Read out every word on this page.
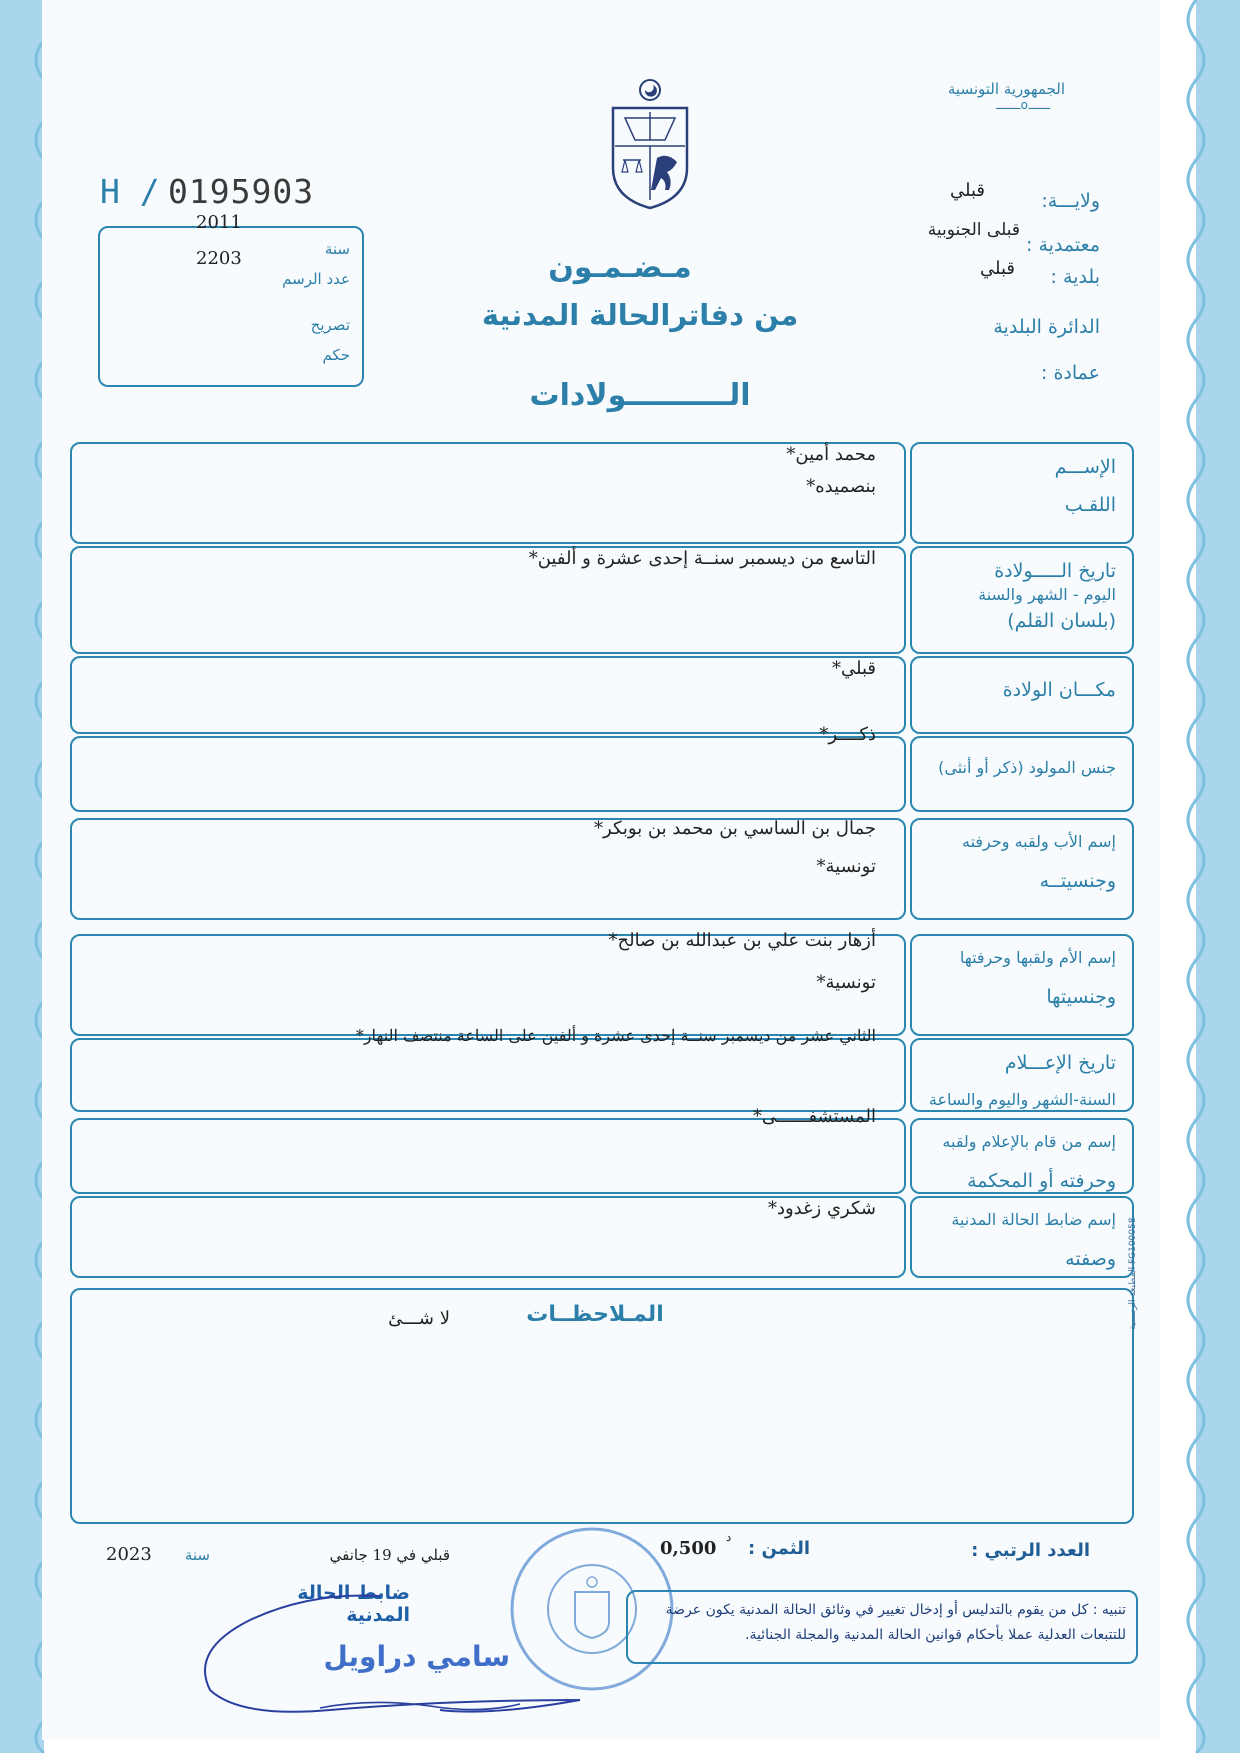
الجمهورية التونسية
ـــــــoــــــ
ولايـــة:
قبلي
معتمدية :
قبلى الجنوبية
بلدية :
قبلي
الدائرة البلدية
عمادة :
H / 0195903
2011
2203	سنة
عدد الرسم
تصريح
حكم
مـضـمـون
من دفاترالحالة المدنية
الــــــــــولادات
الإســـم
اللقـب
محمد أمين*
بنصميده*
تاريخ الـــــولادة
اليوم - الشهر والسنة
(بلسان القلم)
التاسع من ديسمبر سنــة إحدى عشرة و ألفين*
مكـــان الولادة
قبلي*
جنس المولود (ذكر أو أنثى)
ذكــــر*
إسم الأب ولقبه وحرفته
وجنسيتــه
جمال بن الساسي بن محمد بن بوبكر*
تونسية*
إسم الأم ولقبها وحرفتها
وجنسيتها
أزهار بنت علي بن عبدالله بن صالح*
تونسية*
تاريخ الإعـــلام
السنة-الشهر واليوم والساعة
الثاني عشر من ديسمبر سنــة إحدى عشرة و ألفين على الساعة منتصف النهار*
إسم من قام بالإعلام ولقبه
وحرفته أو المحكمة
المستشفــــــى*
إسم ضابط الحالة المدنية
وصفته
شكري زغدود*
المـلاحظــات
لا شـــئ
العدد الرتبي :
الثمن :
0,500
د
قبلي في 19 جانفي
سنة
2023
ضابط الحالة المدنية
سامي دراويل
تنبيه : كل من يقوم بالتدليس أو إدخال تغيير في وثائق الحالة المدنية يكون عرضة للتتبعات العدلية عملا بأحكام قوانين الحالة المدنية والمجلة الجنائية.
المطبعة الرسمية FG100058
